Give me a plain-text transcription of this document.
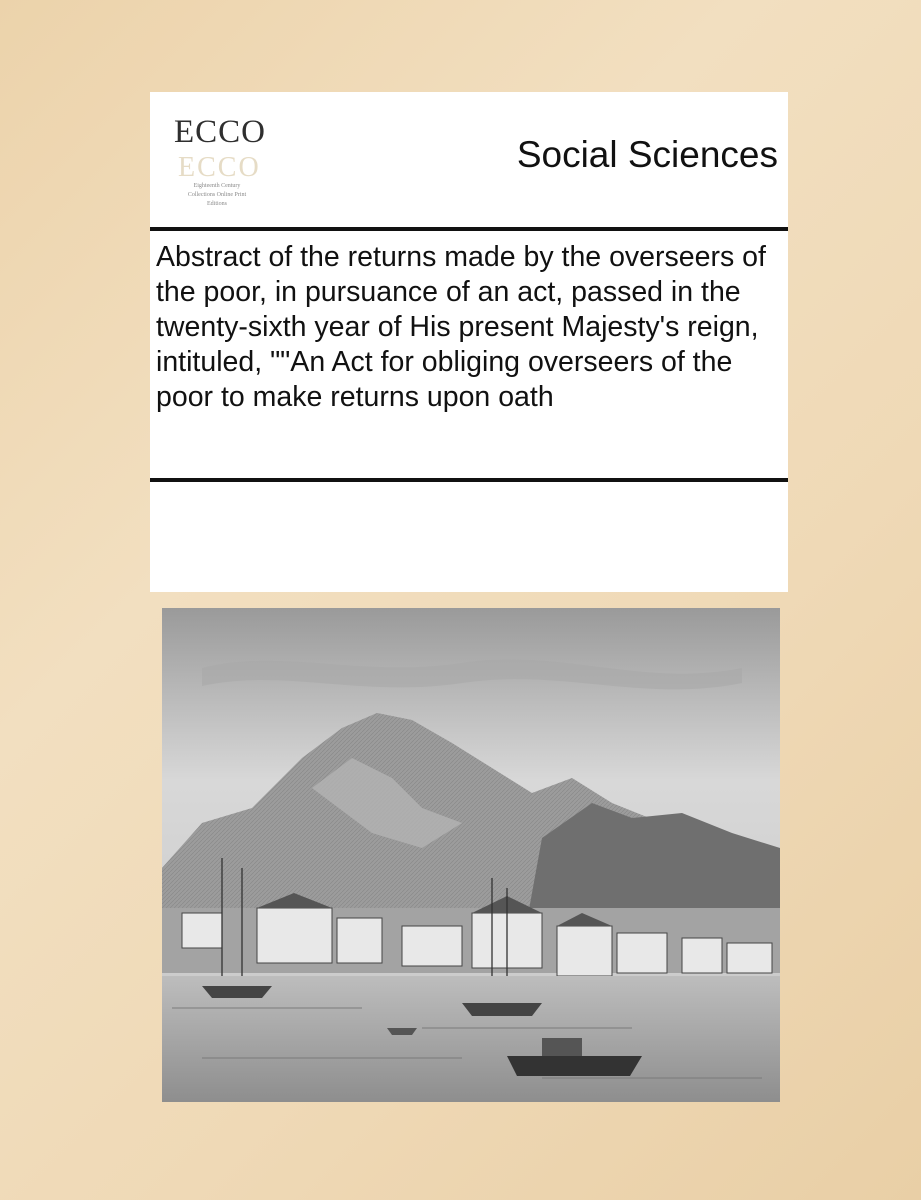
ECCO
ECCO
Eighteenth Century Collections Online Print Editions
Social Sciences
Abstract of the returns made by the overseers of the poor, in pursuance of an act, passed in the twenty-sixth year of His present Majesty's reign, intituled, ""An Act for obliging overseers of the poor to make returns upon oath
